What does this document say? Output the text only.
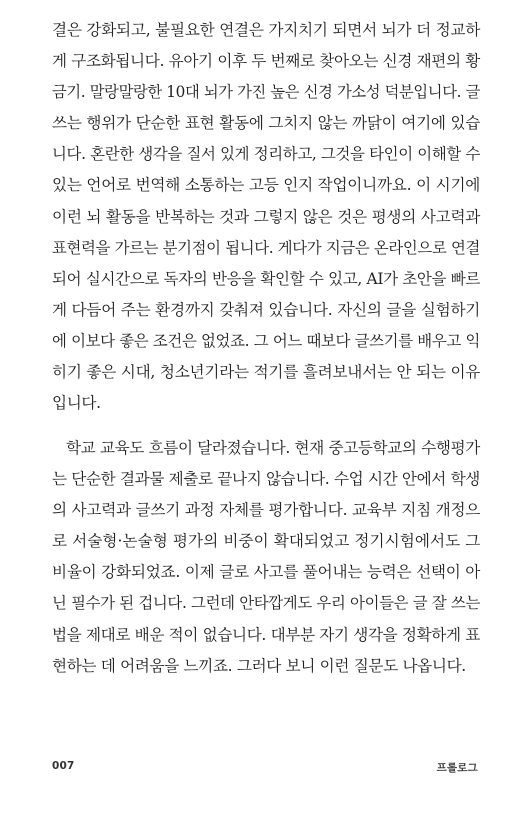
결은 강화되고, 불필요한 연결은 가지치기 되면서 뇌가 더 정교하
게 구조화됩니다. 유아기 이후 두 번째로 찾아오는 신경 재편의 황
금기. 말랑말랑한 10대 뇌가 가진 높은 신경 가소성 덕분입니다. 글
쓰는 행위가 단순한 표현 활동에 그치지 않는 까닭이 여기에 있습
니다. 혼란한 생각을 질서 있게 정리하고, 그것을 타인이 이해할 수
있는 언어로 번역해 소통하는 고등 인지 작업이니까요. 이 시기에
이런 뇌 활동을 반복하는 것과 그렇지 않은 것은 평생의 사고력과
표현력을 가르는 분기점이 됩니다. 게다가 지금은 온라인으로 연결
되어 실시간으로 독자의 반응을 확인할 수 있고, AI가 초안을 빠르
게 다듬어 주는 환경까지 갖춰져 있습니다. 자신의 글을 실험하기
에 이보다 좋은 조건은 없었죠. 그 어느 때보다 글쓰기를 배우고 익
히기 좋은 시대, 청소년기라는 적기를 흘려보내서는 안 되는 이유
입니다.
학교 교육도 흐름이 달라졌습니다. 현재 중고등학교의 수행평가
는 단순한 결과물 제출로 끝나지 않습니다. 수업 시간 안에서 학생
의 사고력과 글쓰기 과정 자체를 평가합니다. 교육부 지침 개정으
로 서술형·논술형 평가의 비중이 확대되었고 정기시험에서도 그
비율이 강화되었죠. 이제 글로 사고를 풀어내는 능력은 선택이 아
닌 필수가 된 겁니다. 그런데 안타깝게도 우리 아이들은 글 잘 쓰는
법을 제대로 배운 적이 없습니다. 대부분 자기 생각을 정확하게 표
현하는 데 어려움을 느끼죠. 그러다 보니 이런 질문도 나옵니다.
007	프롤로그
